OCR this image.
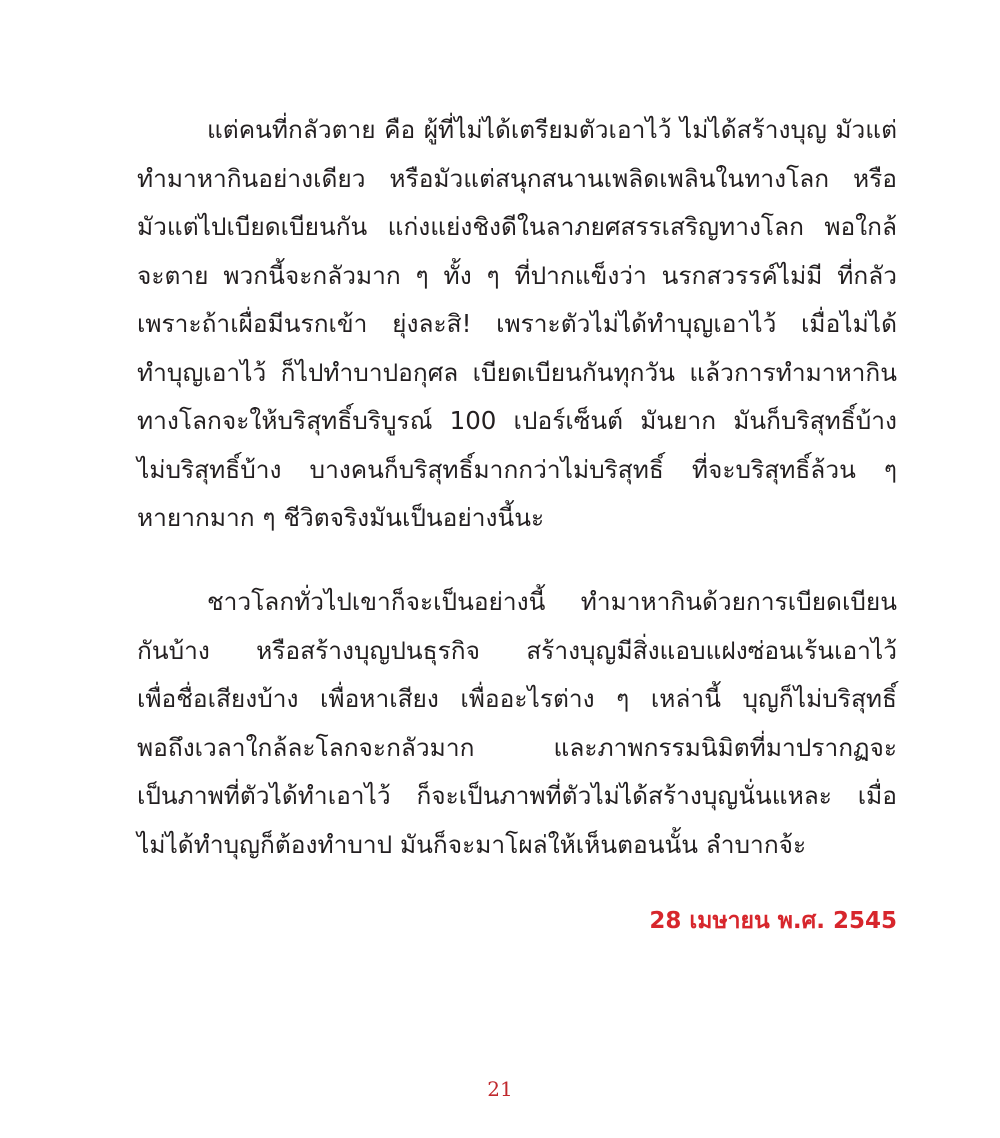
แต่คนที่กลัวตาย คือ ผู้ที่ไม่ได้เตรียมตัวเอาไว้ ไม่ได้สร้างบุญ มัวแต่
ทำมาหากินอย่างเดียว หรือมัวแต่สนุกสนานเพลิดเพลินในทางโลก หรือ
มัวแต่ไปเบียดเบียนกัน แก่งแย่งชิงดีในลาภยศสรรเสริญทางโลก พอใกล้
จะตาย พวกนี้จะกลัวมาก ๆ ทั้ง ๆ ที่ปากแข็งว่า นรกสวรรค์ไม่มี ที่กลัว
เพราะถ้าเผื่อมีนรกเข้า ยุ่งละสิ! เพราะตัวไม่ได้ทำบุญเอาไว้ เมื่อไม่ได้
ทำบุญเอาไว้ ก็ไปทำบาปอกุศล เบียดเบียนกันทุกวัน แล้วการทำมาหากิน
ทางโลกจะให้บริสุทธิ์บริบูรณ์ 100 เปอร์เซ็นต์ มันยาก มันก็บริสุทธิ์บ้าง
ไม่บริสุทธิ์บ้าง บางคนก็บริสุทธิ์มากกว่าไม่บริสุทธิ์ ที่จะบริสุทธิ์ล้วน ๆ
หายากมาก ๆ ชีวิตจริงมันเป็นอย่างนี้นะ
ชาวโลกทั่วไปเขาก็จะเป็นอย่างนี้ ทำมาหากินด้วยการเบียดเบียน
กันบ้าง หรือสร้างบุญปนธุรกิจ สร้างบุญมีสิ่งแอบแฝงซ่อนเร้นเอาไว้
เพื่อชื่อเสียงบ้าง เพื่อหาเสียง เพื่ออะไรต่าง ๆ เหล่านี้ บุญก็ไม่บริสุทธิ์
พอถึงเวลาใกล้ละโลกจะกลัวมาก และภาพกรรมนิมิตที่มาปรากฏจะ
เป็นภาพที่ตัวได้ทำเอาไว้ ก็จะเป็นภาพที่ตัวไม่ได้สร้างบุญนั่นแหละ เมื่อ
ไม่ได้ทำบุญก็ต้องทำบาป มันก็จะมาโผล่ให้เห็นตอนนั้น ลำบากจ้ะ
28 เมษายน พ.ศ. 2545
21
